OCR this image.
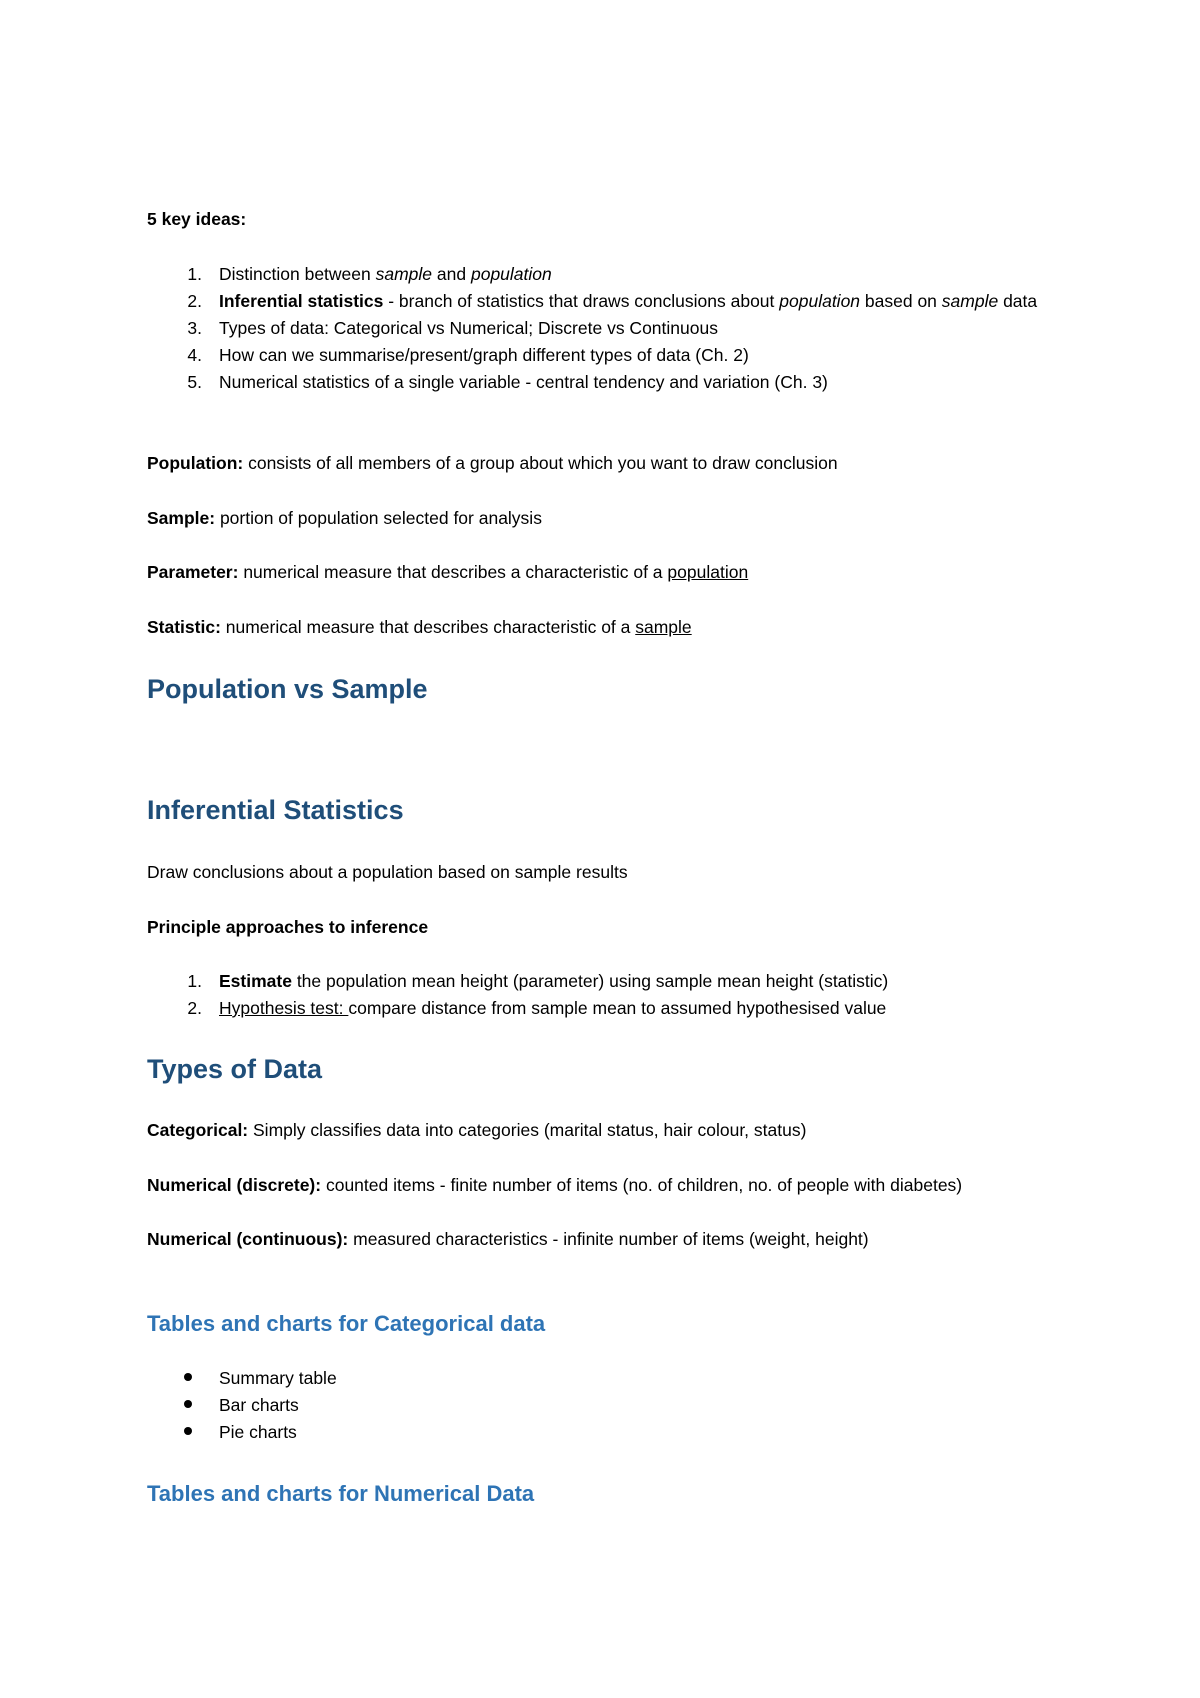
5 key ideas:
1. Distinction between sample and population
2. Inferential statistics - branch of statistics that draws conclusions about population based on sample data
3. Types of data: Categorical vs Numerical; Discrete vs Continuous
4. How can we summarise/present/graph different types of data (Ch. 2)
5. Numerical statistics of a single variable - central tendency and variation (Ch. 3)
Population: consists of all members of a group about which you want to draw conclusion
Sample: portion of population selected for analysis
Parameter: numerical measure that describes a characteristic of a population
Statistic: numerical measure that describes characteristic of a sample
Population vs Sample
Inferential Statistics
Draw conclusions about a population based on sample results
Principle approaches to inference
1. Estimate the population mean height (parameter) using sample mean height (statistic)
2. Hypothesis test: compare distance from sample mean to assumed hypothesised value
Types of Data
Categorical: Simply classifies data into categories (marital status, hair colour, status)
Numerical (discrete): counted items - finite number of items (no. of children, no. of people with diabetes)
Numerical (continuous): measured characteristics - infinite number of items (weight, height)
Tables and charts for Categorical data
Summary table
Bar charts
Pie charts
Tables and charts for Numerical Data
